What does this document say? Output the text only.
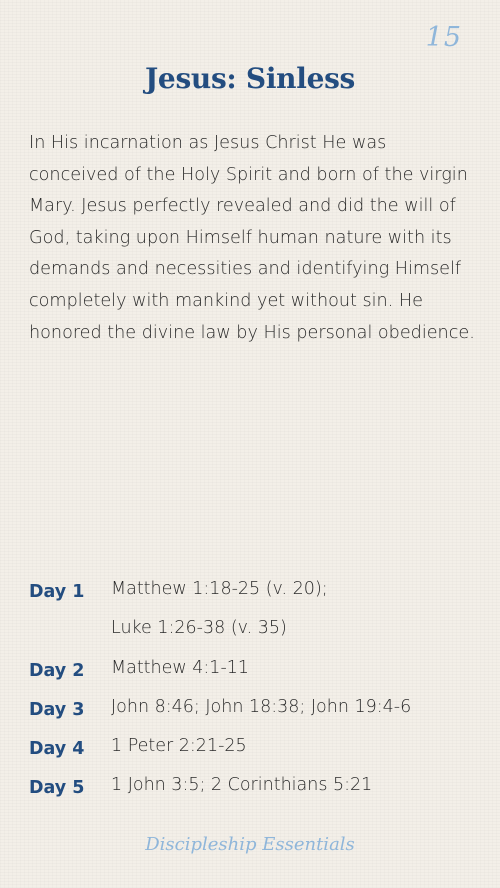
15
Jesus: Sinless

In His incarnation as Jesus Christ He was conceived of the Holy Spirit and born of the virgin Mary. Jesus perfectly revealed and did the will of God, taking upon Himself human nature with its demands and necessities and identifying Himself completely with mankind yet without sin. He honored the divine law by His personal obedience.

Day 1 Matthew 1:18-25 (v. 20);
Luke 1:26-38 (v. 35)
Day 2 Matthew 4:1-11
Day 3 John 8:46; John 18:38; John 19:4-6
Day 4 1 Peter 2:21-25
Day 5 1 John 3:5; 2 Corinthians 5:21
Discipleship Essentials
